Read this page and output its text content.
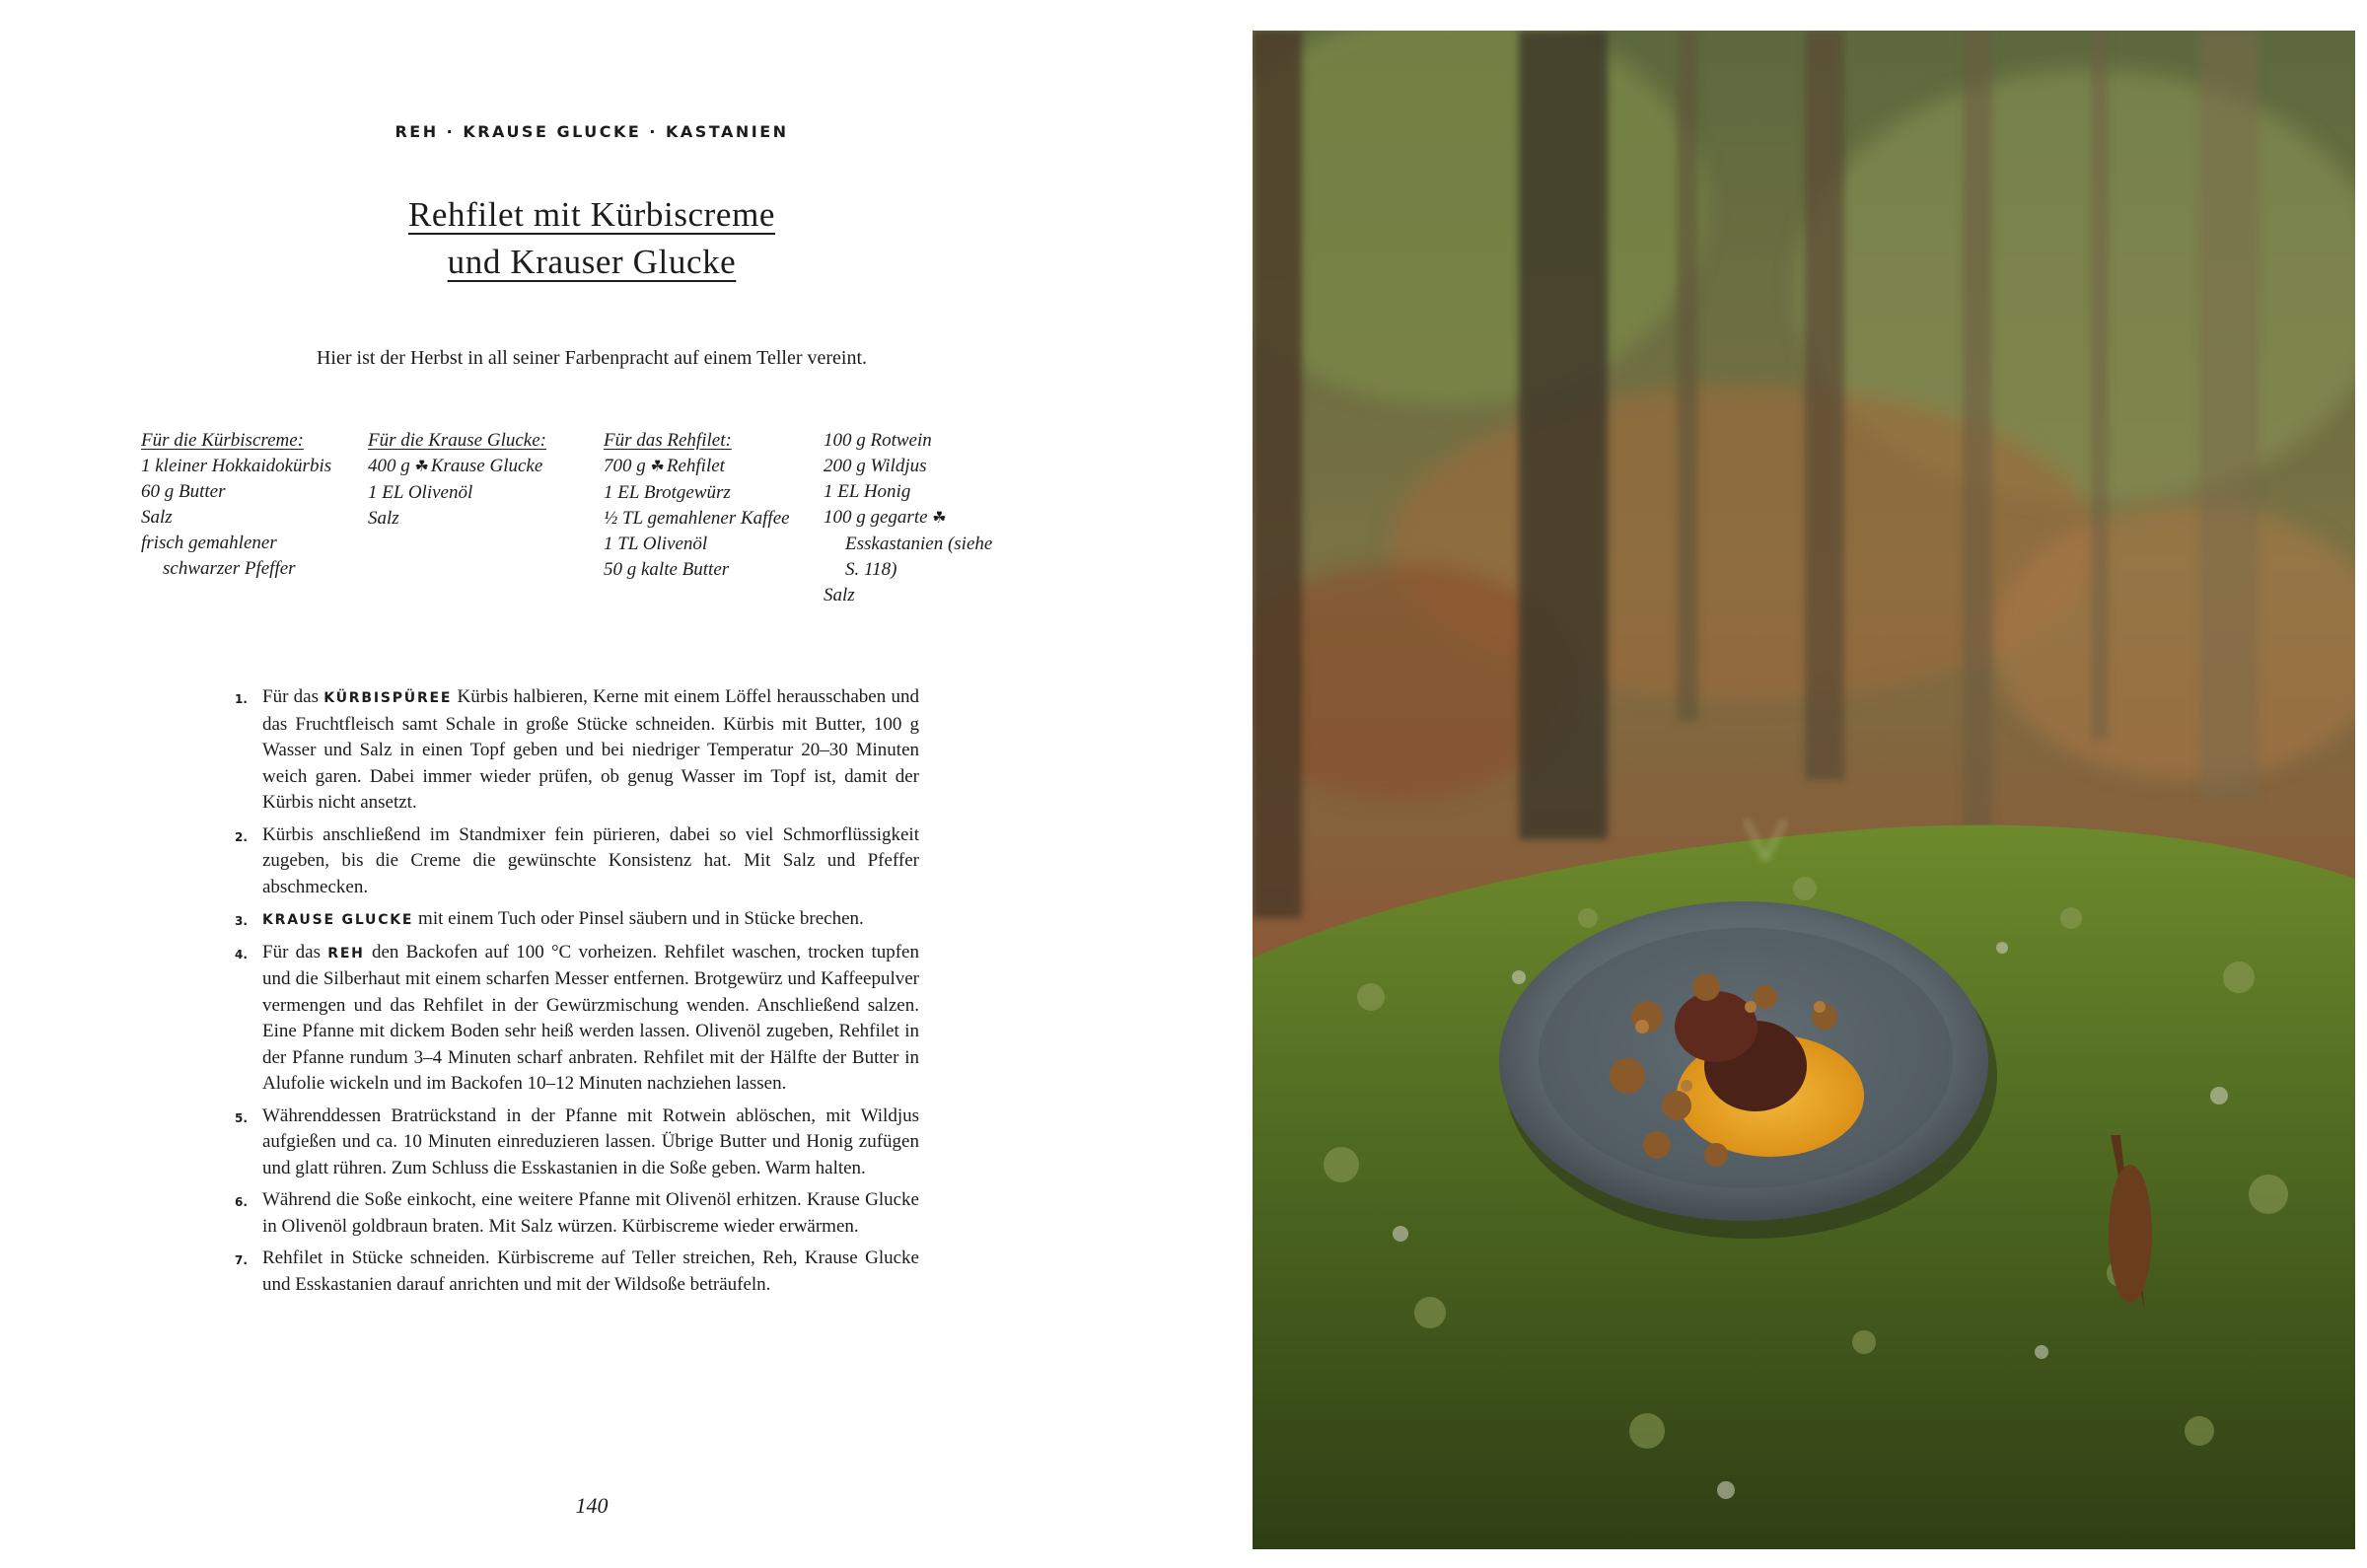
REH · KRAUSE GLUCKE · KASTANIEN
Rehfilet mit Kürbiscreme
und Krauser Glucke
Hier ist der Herbst in all seiner Farbenpracht auf einem Teller vereint.
Für die Kürbiscreme:
1 kleiner Hokkaidokürbis
60 g Butter
Salz
frisch gemahlener schwarzer Pfeffer
Für die Krause Glucke:
400 g ☘ Krause Glucke
1 EL Olivenöl
Salz
Für das Rehfilet:
700 g ☘ Rehfilet
1 EL Brotgewürz
½ TL gemahlener Kaffee
1 TL Olivenöl
50 g kalte Butter
100 g Rotwein
200 g Wildjus
1 EL Honig
100 g gegarte ☘Esskastanien (siehe S. 118)
Salz
1. Für das KÜRBISPÜREE Kürbis halbieren, Kerne mit einem Löffel herausschaben und das Fruchtfleisch samt Schale in große Stücke schneiden. Kürbis mit Butter, 100 g Wasser und Salz in einen Topf geben und bei niedriger Temperatur 20–30 Minuten weich garen. Dabei immer wieder prüfen, ob genug Wasser im Topf ist, damit der Kürbis nicht ansetzt.
2. Kürbis anschließend im Standmixer fein pürieren, dabei so viel Schmorflüssigkeit zugeben, bis die Creme die gewünschte Konsistenz hat. Mit Salz und Pfeffer abschmecken.
3. KRAUSE GLUCKE mit einem Tuch oder Pinsel säubern und in Stücke brechen.
4. Für das REH den Backofen auf 100 °C vorheizen. Rehfilet waschen, trocken tupfen und die Silberhaut mit einem scharfen Messer entfernen. Brotgewürz und Kaffeepulver vermengen und das Rehfilet in der Gewürzmischung wenden. Anschließend salzen. Eine Pfanne mit dickem Boden sehr heiß werden lassen. Olivenöl zugeben, Rehfilet in der Pfanne rundum 3–4 Minuten scharf anbraten. Rehfilet mit der Hälfte der Butter in Alufolie wickeln und im Backofen 10–12 Minuten nachziehen lassen.
5. Währenddessen Bratrückstand in der Pfanne mit Rotwein ablöschen, mit Wildjus aufgießen und ca. 10 Minuten einreduzieren lassen. Übrige Butter und Honig zufügen und glatt rühren. Zum Schluss die Esskastanien in die Soße geben. Warm halten.
6. Während die Soße einkocht, eine weitere Pfanne mit Olivenöl erhitzen. Krause Glucke in Olivenöl goldbraun braten. Mit Salz würzen. Kürbiscreme wieder erwärmen.
7. Rehfilet in Stücke schneiden. Kürbiscreme auf Teller streichen, Reh, Krause Glucke und Esskastanien darauf anrichten und mit der Wildsoße beträufeln.
140
